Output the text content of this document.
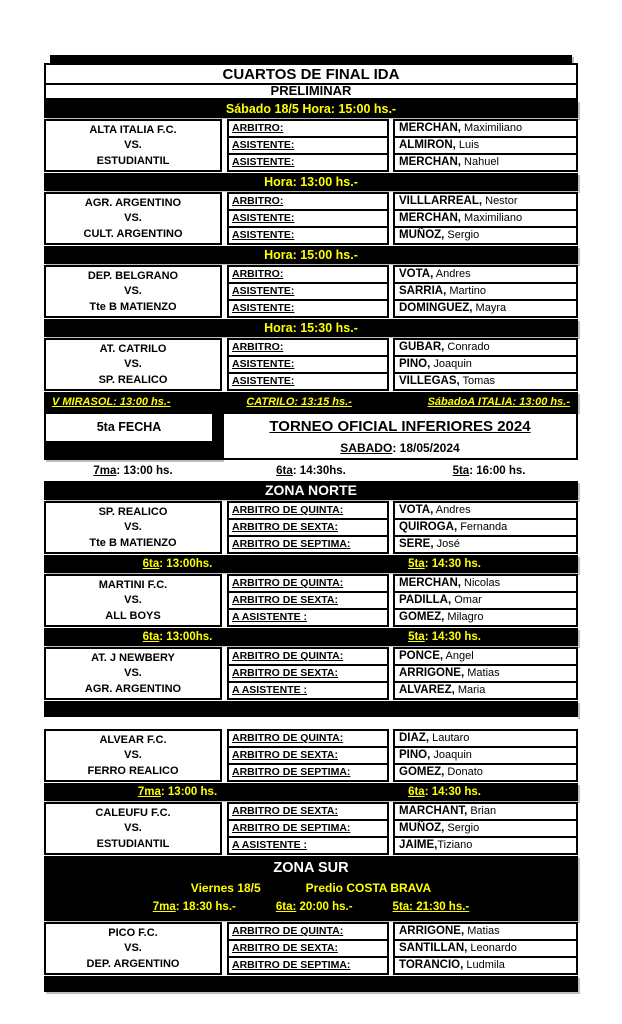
CUARTOS DE FINAL IDA
PRELIMINAR
Sábado 18/5 Hora: 15:00 hs.-
ALTA ITALIA F.C.
VS.
ESTUDIANTIL
ARBITRO:	MERCHAN, Maximiliano
ASISTENTE:	ALMIRON, Luis
ASISTENTE:	MERCHAN, Nahuel
Hora: 13:00 hs.-
AGR. ARGENTINO
VS.
CULT. ARGENTINO
ARBITRO:	VILLLARREAL, Nestor
ASISTENTE:	MERCHAN, Maximiliano
ASISTENTE:	MUÑOZ, Sergio
Hora: 15:00 hs.-
DEP. BELGRANO
VS.
Tte B MATIENZO
ARBITRO:	VOTA, Andres
ASISTENTE:	SARRIA, Martino
ASISTENTE:	DOMINGUEZ, Mayra
Hora: 15:30 hs.-
AT. CATRILO
VS.
SP. REALICO
ARBITRO:	GUBAR, Conrado
ASISTENTE:	PINO, Joaquin
ASISTENTE:	VILLEGAS, Tomas
V MIRASOL: 13:00 hs.-	CATRILO: 13:15 hs.-	SábadoA ITALIA: 13:00 hs.-
5ta FECHA	TORNEO OFICIAL INFERIORES 2024
SABADO: 18/05/2024
7ma: 13:00 hs.	6ta: 14:30hs.	5ta: 16:00 hs.
ZONA NORTE
SP. REALICO
VS.
Tte B MATIENZO
ARBITRO DE QUINTA:	VOTA, Andres
ARBITRO DE SEXTA:	QUIROGA, Fernanda
ARBITRO DE SEPTIMA:	SERE, José
6ta: 13:00hs.	5ta: 14:30 hs.
MARTINI F.C.
VS.
ALL BOYS
ARBITRO DE QUINTA:	MERCHAN, Nicolas
ARBITRO DE SEXTA:	PADILLA, Omar
A ASISTENTE :	GOMEZ, Milagro
6ta: 13:00hs.	5ta: 14:30 hs.
AT. J NEWBERY
VS.
AGR. ARGENTINO
ARBITRO DE QUINTA:	PONCE, Angel
ARBITRO DE SEXTA:	ARRIGONE, Matias
A ASISTENTE :	ALVAREZ, Maria
ALVEAR F.C.
VS.
FERRO REALICO
ARBITRO DE QUINTA:	DIAZ, Lautaro
ARBITRO DE SEXTA:	PINO, Joaquin
ARBITRO DE SEPTIMA:	GOMEZ, Donato
7ma: 13:00 hs.	6ta: 14:30 hs.
CALEUFU F.C.
VS.
ESTUDIANTIL
ARBITRO DE SEXTA:	MARCHANT, Brian
ARBITRO DE SEPTIMA:	MUÑOZ, Sergio
A ASISTENTE :	JAIME,Tiziano
ZONA SUR
Viernes 18/5	Predio COSTA BRAVA
7ma: 18:30 hs.-	6ta: 20:00 hs.-	5ta: 21:30 hs.-
PICO F.C.
VS.
DEP. ARGENTINO
ARBITRO DE QUINTA:	ARRIGONE, Matias
ARBITRO DE SEXTA:	SANTILLAN, Leonardo
ARBITRO DE SEPTIMA:	TORANCIO, Ludmila
